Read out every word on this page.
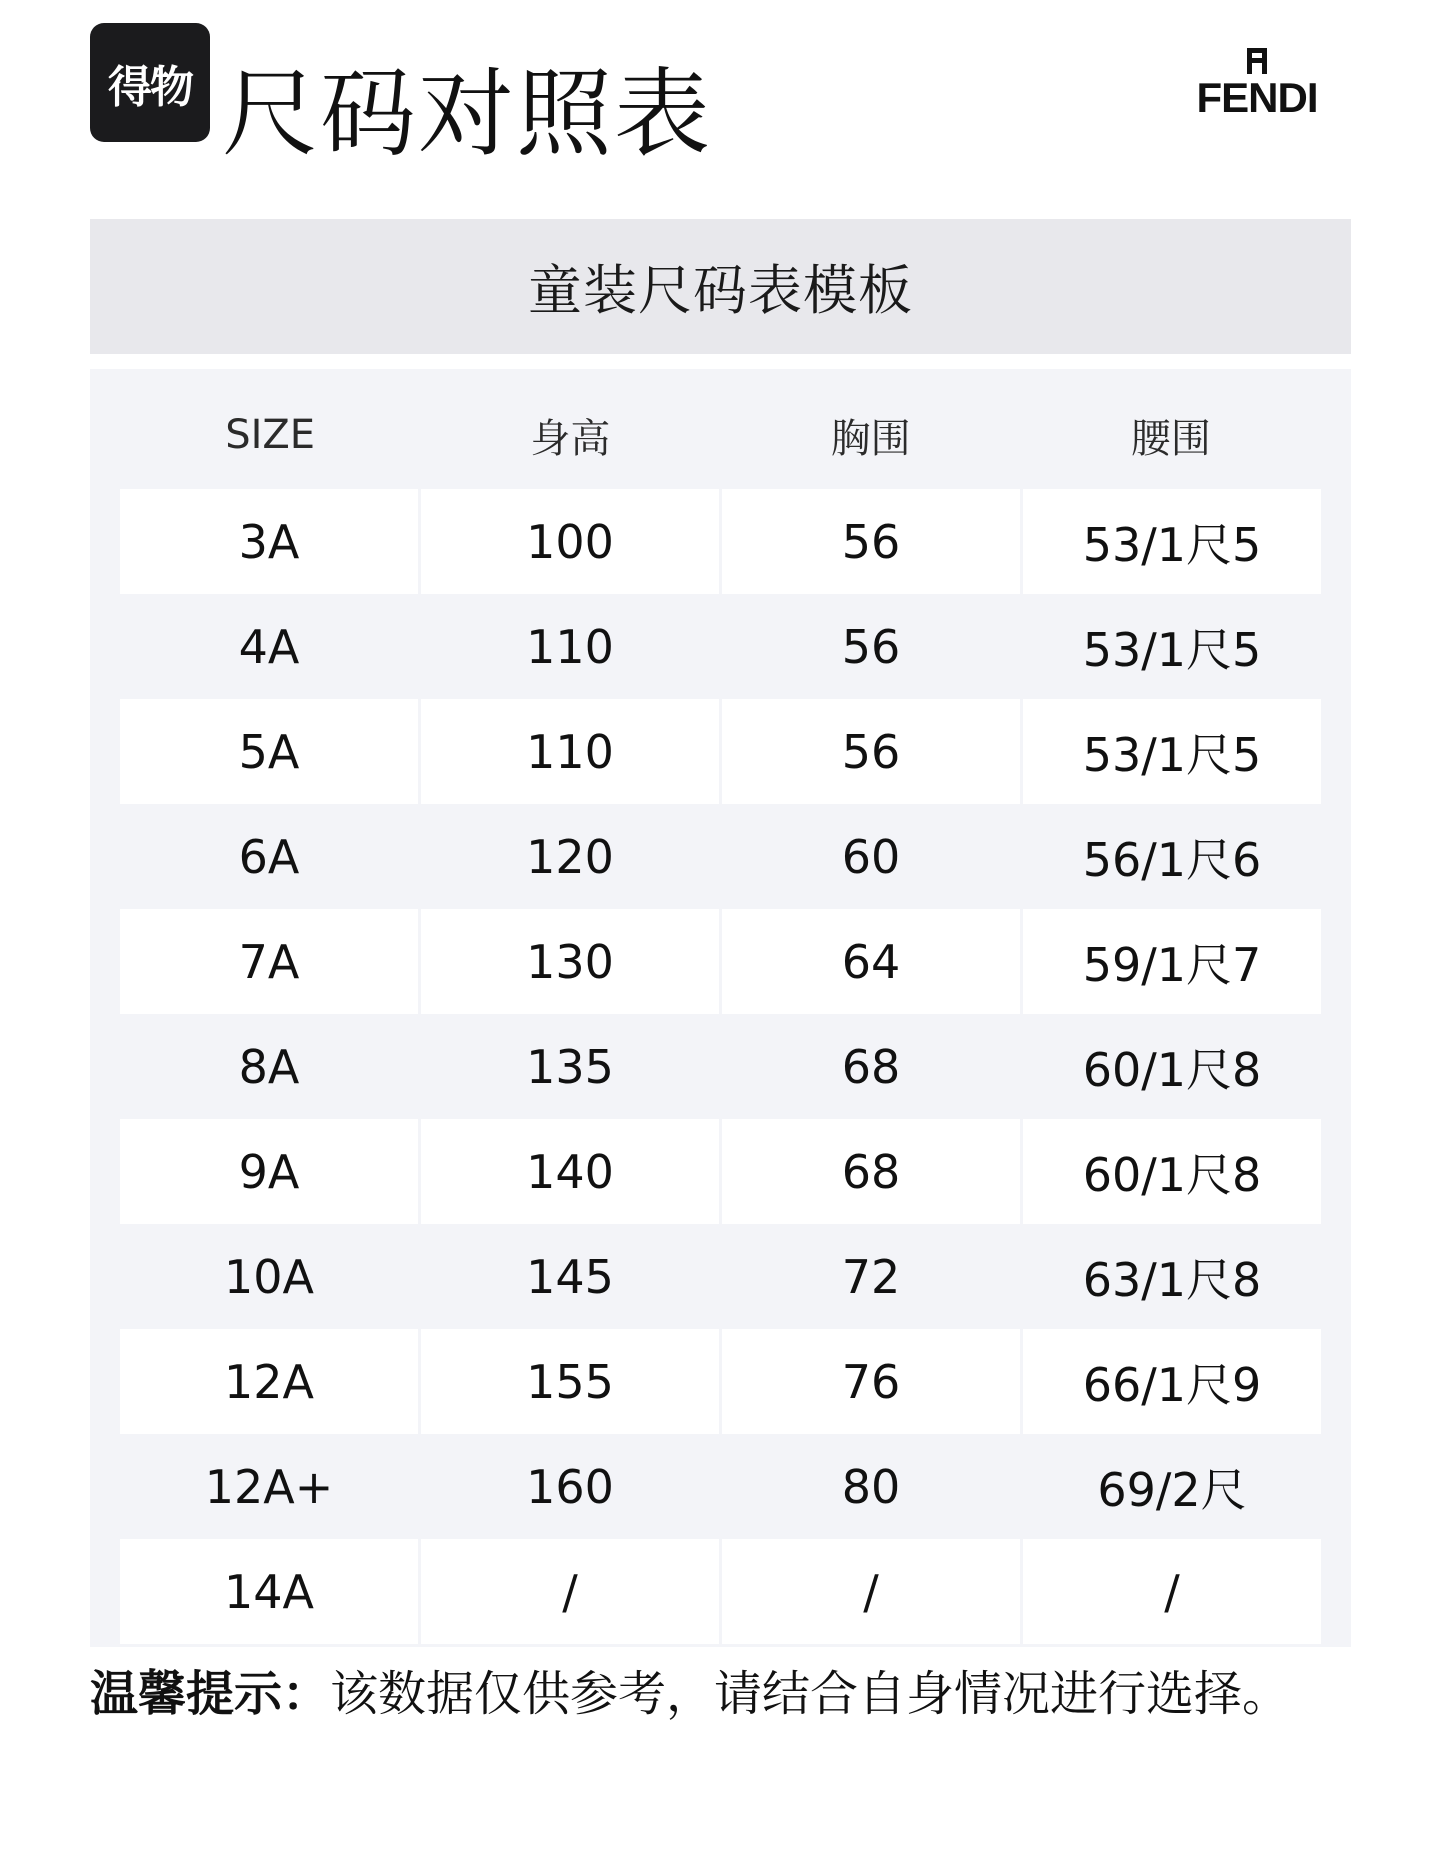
得物 尺码对照表	FENDI
童装尺码表模板
SIZE	身高	胸围	腰围
3A	100	56	53/1尺5
4A	110	56	53/1尺5
5A	110	56	53/1尺5
6A	120	60	56/1尺6
7A	130	64	59/1尺7
8A	135	68	60/1尺8
9A	140	68	60/1尺8
10A	145	72	63/1尺8
12A	155	76	66/1尺9
12A+	160	80	69/2尺
14A	/	/	/
温馨提示：该数据仅供参考，请结合自身情况进行选择。
